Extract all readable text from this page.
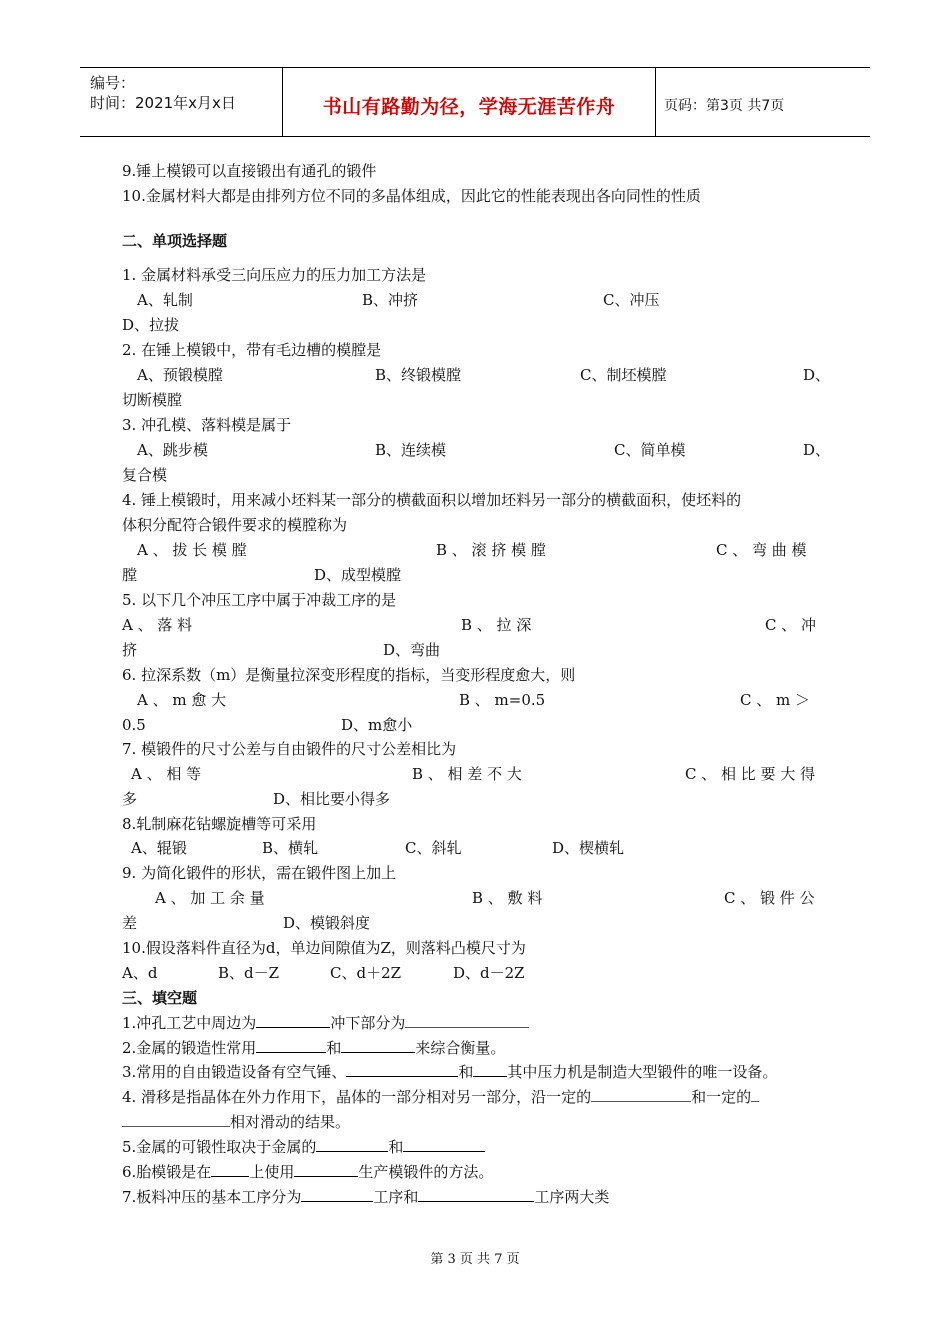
编号：
时间：2021年x月x日	书山有路勤为径，学海无涯苦作舟	页码：第3页 共7页
9.锤上模锻可以直接锻出有通孔的锻件
10.金属材料大都是由排列方位不同的多晶体组成，因此它的性能表现出各向同性的性质
二、单项选择题
1. 金属材料承受三向压应力的压力加工方法是
A、轧制	B、冲挤	C、冲压
D、拉拔
2. 在锤上模锻中，带有毛边槽的模膛是
A、预锻模膛	B、终锻模膛	C、制坯模膛	D、
切断模膛
3. 冲孔模、落料模是属于
A、跳步模	B、连续模	C、简单模	D、
复合模
4. 锤上模锻时，用来减小坯料某一部分的横截面积以增加坯料另一部分的横截面积，使坯料的
体积分配符合锻件要求的模膛称为
A 、 拔 长 模 膛	B 、 滚 挤 模 膛	C 、 弯 曲 模
膛	D、成型模膛
5. 以下几个冲压工序中属于冲裁工序的是
A 、 落 料	B 、 拉 深	C 、 冲
挤	D、弯曲
6. 拉深系数（m）是衡量拉深变形程度的指标，当变形程度愈大，则
A 、 m 愈 大	B 、 m=0.5	C 、 m ＞
0.5	D、m愈小
7. 模锻件的尺寸公差与自由锻件的尺寸公差相比为
A 、 相 等	B 、 相 差 不 大	C 、 相 比 要 大 得
多	D、相比要小得多
8.轧制麻花钻螺旋槽等可采用
A、辊锻	B、横轧	C、斜轧	D、楔横轧
9. 为简化锻件的形状，需在锻件图上加上
A 、 加 工 余 量	B 、 敷 料	C 、 锻 件 公
差	D、模锻斜度
10.假设落料件直径为d，单边间隙值为Z，则落料凸模尺寸为
A、d	B、d－Z	C、d＋2Z	D、d－2Z
三、填空题
1.冲孔工艺中周边为	冲下部分为
2.金属的锻造性常用	和	来综合衡量。
3.常用的自由锻造设备有空气锤、	和 其中压力机是制造大型锻件的唯一设备。
4. 滑移是指晶体在外力作用下，晶体的一部分相对另一部分，沿一定的	和一定的
相对滑动的结果。
5.金属的可锻性取决于金属的	和
6.胎模锻是在	上使用	生产模锻件的方法。
7.板料冲压的基本工序分为	工序和	工序两大类
第 3 页 共 7 页
